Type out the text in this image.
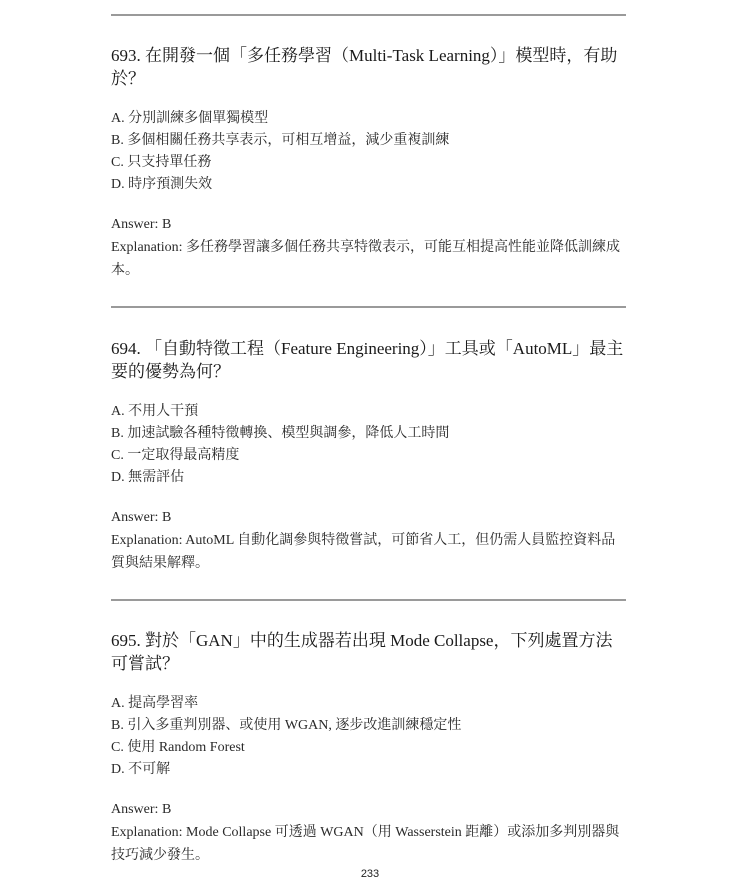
693. 在開發一個「多任務學習（Multi-Task Learning）」模型時，有助於？

A. 分別訓練多個單獨模型
B. 多個相關任務共享表示，可相互增益，減少重複訓練
C. 只支持單任務
D. 時序預測失效
Answer: B

Explanation: 多任務學習讓多個任務共享特徵表示，可能互相提高性能並降低訓練成本。

694. 「自動特徵工程（Feature Engineering）」工具或「AutoML」最主要的優勢為何？

A. 不用人干預
B. 加速試驗各種特徵轉換、模型與調參，降低人工時間
C. 一定取得最高精度
D. 無需評估
Answer: B

Explanation: AutoML 自動化調參與特徵嘗試，可節省人工，但仍需人員監控資料品質與結果解釋。

695. 對於「GAN」中的生成器若出現 Mode Collapse，下列處置方法可嘗試？

A. 提高學習率
B. 引入多重判別器、或使用 WGAN, 逐步改進訓練穩定性
C. 使用 Random Forest
D. 不可解
Answer: B

Explanation: Mode Collapse 可透過 WGAN（用 Wasserstein 距離）或添加多判別器與技巧減少發生。

233
